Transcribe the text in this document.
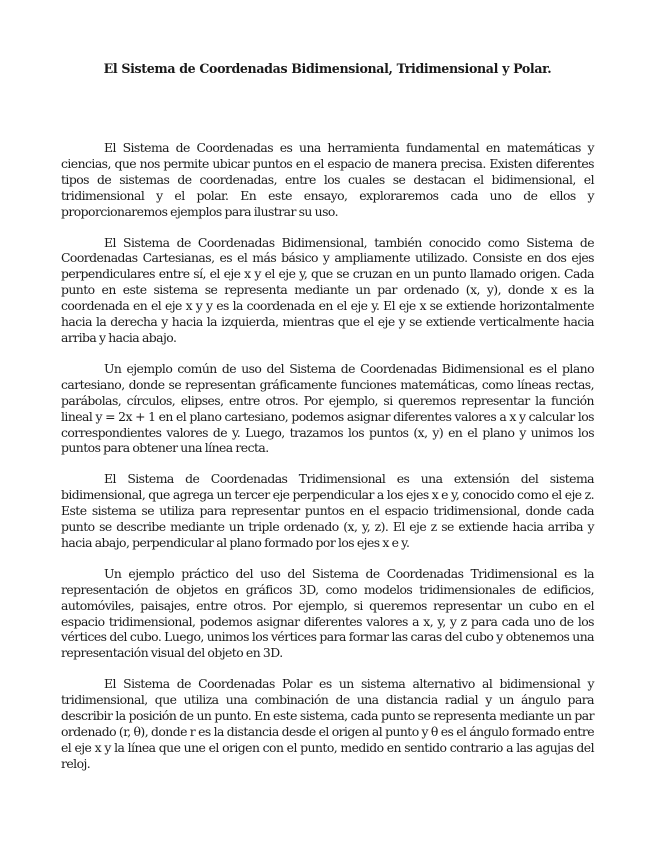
El Sistema de Coordenadas Bidimensional, Tridimensional y Polar.

El Sistema de Coordenadas es una herramienta fundamental en matemáticas y ciencias, que nos permite ubicar puntos en el espacio de manera precisa. Existen diferentes tipos de sistemas de coordenadas, entre los cuales se destacan el bidimensional, el tridimensional y el polar. En este ensayo, exploraremos cada uno de ellos y proporcionaremos ejemplos para ilustrar su uso.

El Sistema de Coordenadas Bidimensional, también conocido como Sistema de Coordenadas Cartesianas, es el más básico y ampliamente utilizado. Consiste en dos ejes perpendiculares entre sí, el eje x y el eje y, que se cruzan en un punto llamado origen. Cada punto en este sistema se representa mediante un par ordenado (x, y), donde x es la coordenada en el eje x y y es la coordenada en el eje y. El eje x se extiende horizontalmente hacia la derecha y hacia la izquierda, mientras que el eje y se extiende verticalmente hacia arriba y hacia abajo.

Un ejemplo común de uso del Sistema de Coordenadas Bidimensional es el plano cartesiano, donde se representan gráficamente funciones matemáticas, como líneas rectas, parábolas, círculos, elipses, entre otros. Por ejemplo, si queremos representar la función lineal y = 2x + 1 en el plano cartesiano, podemos asignar diferentes valores a x y calcular los correspondientes valores de y. Luego, trazamos los puntos (x, y) en el plano y unimos los puntos para obtener una línea recta.

El Sistema de Coordenadas Tridimensional es una extensión del sistema bidimensional, que agrega un tercer eje perpendicular a los ejes x e y, conocido como el eje z. Este sistema se utiliza para representar puntos en el espacio tridimensional, donde cada punto se describe mediante un triple ordenado (x, y, z). El eje z se extiende hacia arriba y hacia abajo, perpendicular al plano formado por los ejes x e y.

Un ejemplo práctico del uso del Sistema de Coordenadas Tridimensional es la representación de objetos en gráficos 3D, como modelos tridimensionales de edificios, automóviles, paisajes, entre otros. Por ejemplo, si queremos representar un cubo en el espacio tridimensional, podemos asignar diferentes valores a x, y, y z para cada uno de los vértices del cubo. Luego, unimos los vértices para formar las caras del cubo y obtenemos una representación visual del objeto en 3D.

El Sistema de Coordenadas Polar es un sistema alternativo al bidimensional y tridimensional, que utiliza una combinación de una distancia radial y un ángulo para describir la posición de un punto. En este sistema, cada punto se representa mediante un par ordenado (r, θ), donde r es la distancia desde el origen al punto y θ es el ángulo formado entre el eje x y la línea que une el origen con el punto, medido en sentido contrario a las agujas del reloj.
